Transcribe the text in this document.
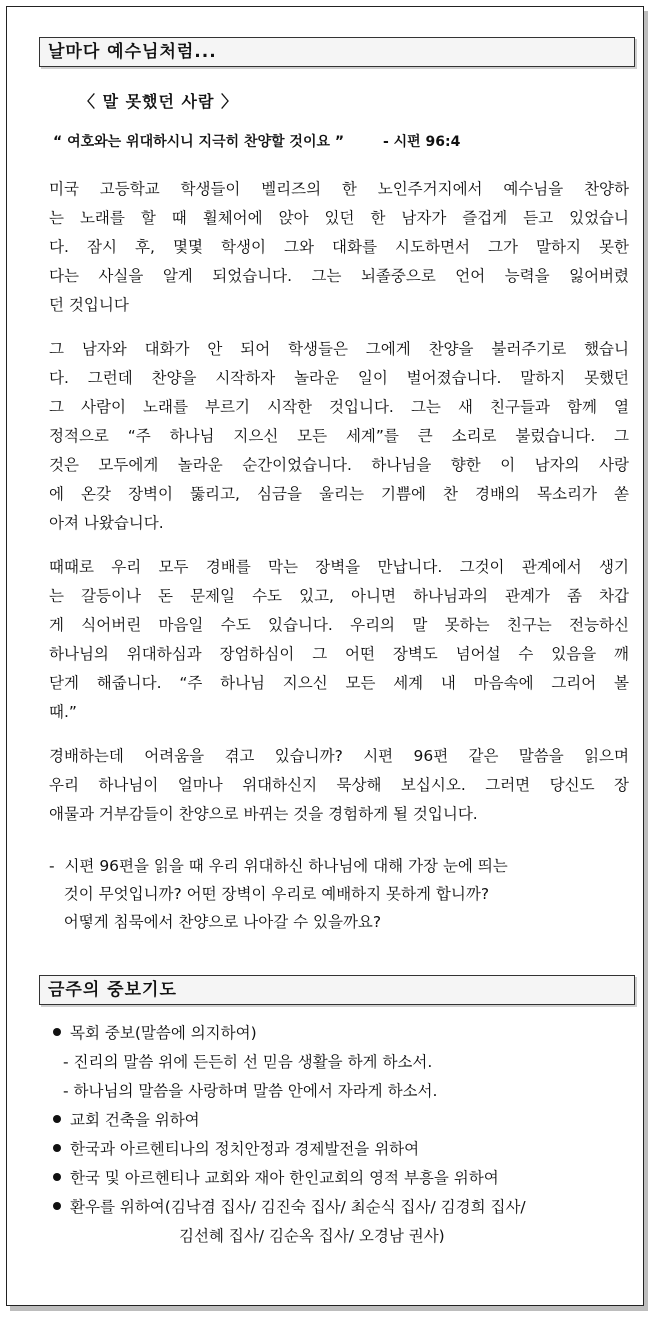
날마다 예수님처럼...
〈 말 못했던 사람 〉
“ 여호와는 위대하시니 지극히 찬양할 것이요 ”	- 시편 96:4
미국 고등학교 학생들이 벨리즈의 한 노인주거지에서 예수님을 찬양하
는 노래를 할 때 휠체어에 앉아 있던 한 남자가 즐겁게 듣고 있었습니
다. 잠시 후, 몇몇 학생이 그와 대화를 시도하면서 그가 말하지 못한
다는 사실을 알게 되었습니다. 그는 뇌졸중으로 언어 능력을 잃어버렸
던 것입니다
그 남자와 대화가 안 되어 학생들은 그에게 찬양을 불러주기로 했습니
다. 그런데 찬양을 시작하자 놀라운 일이 벌어졌습니다. 말하지 못했던
그 사람이 노래를 부르기 시작한 것입니다. 그는 새 친구들과 함께 열
정적으로 “주 하나님 지으신 모든 세계”를 큰 소리로 불렀습니다. 그
것은 모두에게 놀라운 순간이었습니다. 하나님을 향한 이 남자의 사랑
에 온갖 장벽이 뚫리고, 심금을 울리는 기쁨에 찬 경배의 목소리가 쏟
아져 나왔습니다.
때때로 우리 모두 경배를 막는 장벽을 만납니다. 그것이 관계에서 생기
는 갈등이나 돈 문제일 수도 있고, 아니면 하나님과의 관계가 좀 차갑
게 식어버린 마음일 수도 있습니다. 우리의 말 못하는 친구는 전능하신
하나님의 위대하심과 장엄하심이 그 어떤 장벽도 넘어설 수 있음을 깨
닫게 해줍니다. “주 하나님 지으신 모든 세계 내 마음속에 그리어 볼
때.”
경배하는데 어려움을 겪고 있습니까? 시편 96편 같은 말씀을 읽으며
우리 하나님이 얼마나 위대하신지 묵상해 보십시오. 그러면 당신도 장
애물과 거부감들이 찬양으로 바뀌는 것을 경험하게 될 것입니다.
-  시편 96편을 읽을 때 우리 위대하신 하나님에 대해 가장 눈에 띄는
것이 무엇입니까? 어떤 장벽이 우리로 예배하지 못하게 합니까?
어떻게 침묵에서 찬양으로 나아갈 수 있을까요?
금주의 중보기도
목회 중보(말씀에 의지하여)
- 진리의 말씀 위에 든든히 선 믿음 생활을 하게 하소서.
- 하나님의 말씀을 사랑하며 말씀 안에서 자라게 하소서.
교회 건축을 위하여
한국과 아르헨티나의 정치안정과 경제발전을 위하여
한국 및 아르헨티나 교회와 재아 한인교회의 영적 부흥을 위하여
환우를 위하여(김낙겸 집사/ 김진숙 집사/ 최순식 집사/ 김경희 집사/
김선혜 집사/ 김순옥 집사/ 오경남 권사)
